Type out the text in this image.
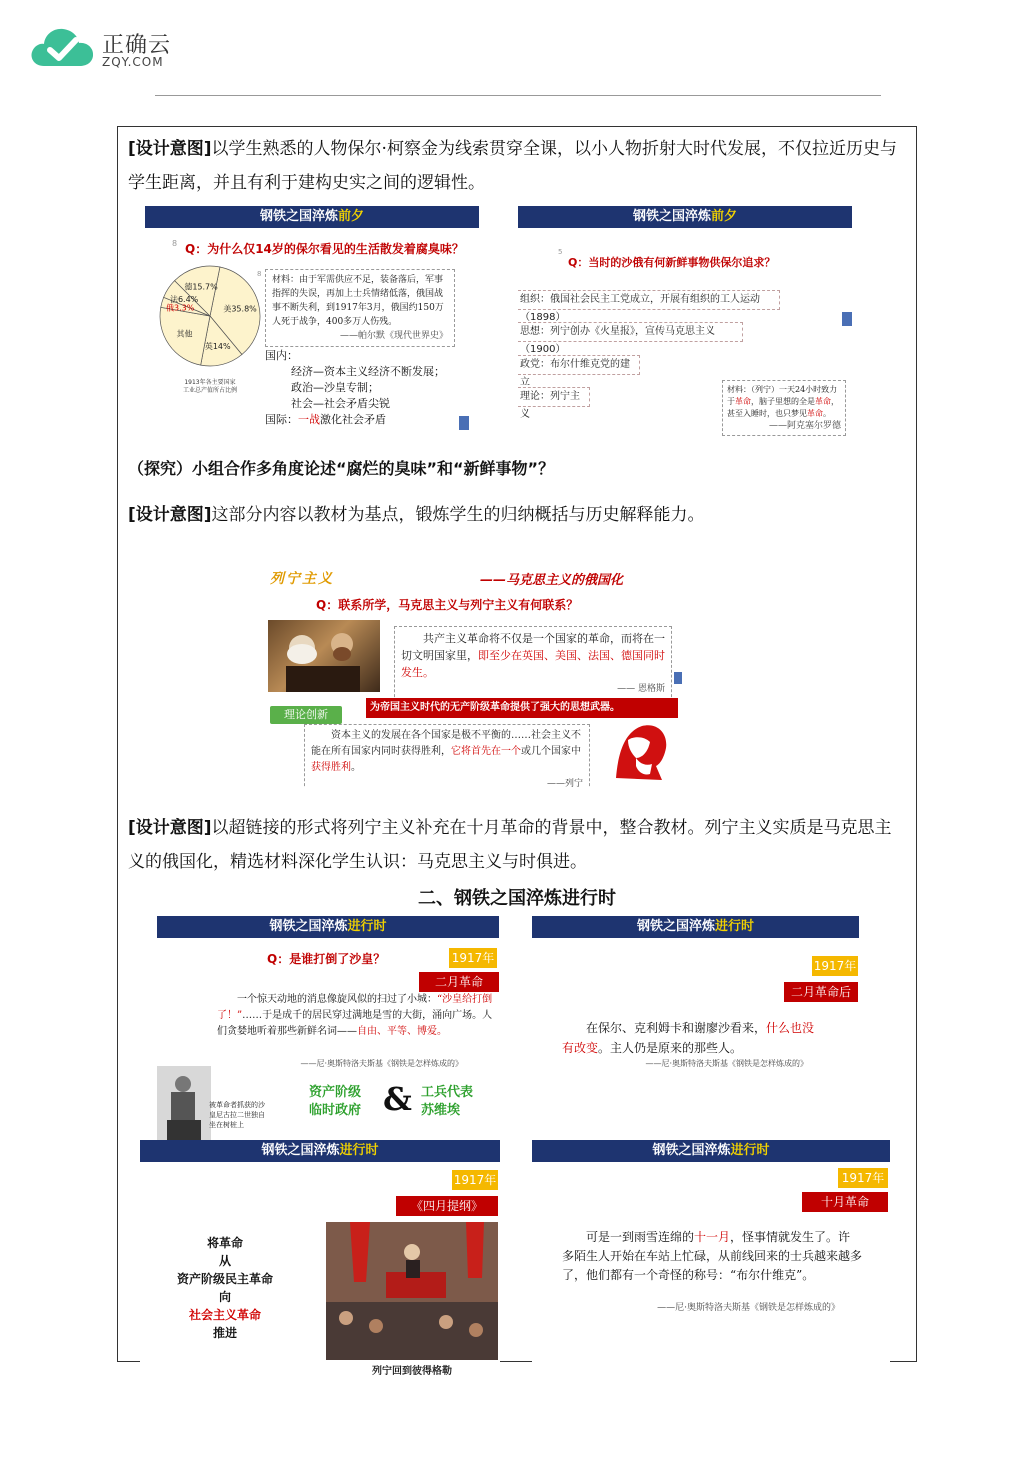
正确云
ZQY.COM

[设计意图]以学生熟悉的人物保尔·柯察金为线索贯穿全课，以小人物折射大时代发展，不仅拉近历史与学生距离，并且有利于建构史实之间的逻辑性。

钢铁之国淬炼前夕
8 Q：为什么仅14岁的保尔看见的生活散发着腐臭味？
美35.8%
英14%
其他
俄3.3%
法6.4%
德15.7%
1913年各主要国家
工业总产值所占比例
8
材料：由于军需供应不足，装备落后，军事指挥的失误，再加上士兵情绪低落，俄国战事不断失利，到1917年3月，俄国约150万人死于战争，400多万人伤残。
——帕尔默《现代世界史》
国内：
经济—资本主义经济不断发展；
政治—沙皇专制；
社会—社会矛盾尖锐
国际：一战激化社会矛盾
钢铁之国淬炼前夕
5
Q：当时的沙俄有何新鲜事物供保尔追求？
组织：俄国社会民主工党成立，开展有组织的工人运动（1898）
思想：列宁创办《火星报》，宣传马克思主义（1900）
政党：布尔什维克党的建立
理论：列宁主义
材料：（列宁）一天24小时致力于革命，脑子里想的全是革命，甚至入睡时，也只梦见革命。
——阿克塞尔罗德

（探究）小组合作多角度论述“腐烂的臭味”和“新鲜事物”？

[设计意图]这部分内容以教材为基点，锻炼学生的归纳概括与历史解释能力。

列宁主义	——马克思主义的俄国化
Q：联系所学，马克思主义与列宁主义有何联系？
共产主义革命将不仅是一个国家的革命，而将在一切文明国家里，即至少在英国、美国、法国、德国同时发生。
—— 恩格斯
为帝国主义时代的无产阶级革命提供了强大的思想武器。
理论创新
资本主义的发展在各个国家是极不平衡的……社会主义不能在所有国家内同时获得胜利，它将首先在一个或几个国家中获得胜利。
——列宁

[设计意图]以超链接的形式将列宁主义补充在十月革命的背景中，整合教材。列宁主义实质是马克思主义的俄国化，精选材料深化学生认识：马克思主义与时俱进。

二、钢铁之国淬炼进行时
钢铁之国淬炼进行时
Q：是谁打倒了沙皇？	1917年
二月革命
一个惊天动地的消息像旋风似的扫过了小城：“沙皇给打倒了！”……于是成千的居民穿过满地是雪的大街，涌向广场。人们贪婪地听着那些新鲜名词——自由、平等、博爱。
——尼·奥斯特洛夫斯基《钢铁是怎样炼成的》
被革命者抓获的沙皇尼古拉二世独自坐在树桩上
资产阶级临时政府 & 工兵代表苏维埃
钢铁之国淬炼进行时
1917年
二月革命后
在保尔、克利姆卡和谢廖沙看来，什么也没有改变。主人仍是原来的那些人。
——尼·奥斯特洛夫斯基《钢铁是怎样炼成的》
钢铁之国淬炼进行时
1917年
《四月提纲》
将革命
从
资产阶级民主革命
向
社会主义革命
推进
列宁回到彼得格勒
钢铁之国淬炼进行时
1917年
十月革命
可是一到雨雪连绵的十一月，怪事情就发生了。许多陌生人开始在车站上忙碌，从前线回来的士兵越来越多了，他们都有一个奇怪的称号：“布尔什维克”。
——尼·奥斯特洛夫斯基《钢铁是怎样炼成的》
